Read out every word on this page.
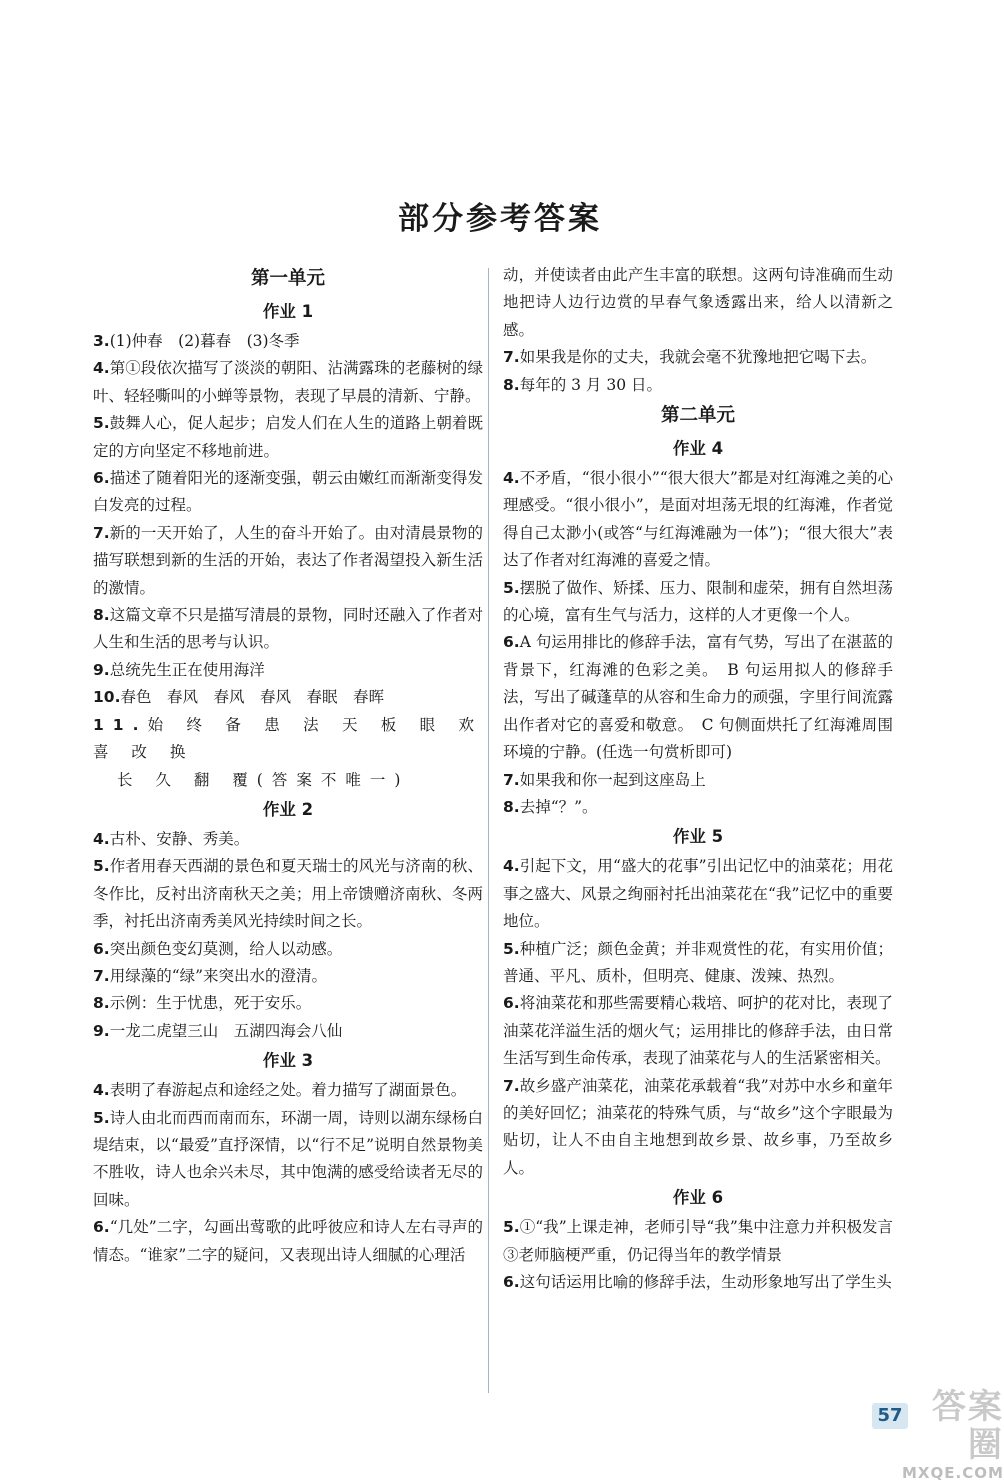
部分参考答案
第一单元
作业 1
3.(1)仲春　(2)暮春　(3)冬季
4.第①段依次描写了淡淡的朝阳、沾满露珠的老藤树的绿叶、轻轻嘶叫的小蝉等景物，表现了早晨的清新、宁静。
5.鼓舞人心，促人起步；启发人们在人生的道路上朝着既定的方向坚定不移地前进。
6.描述了随着阳光的逐渐变强，朝云由嫩红而渐渐变得发白发亮的过程。
7.新的一天开始了，人生的奋斗开始了。由对清晨景物的描写联想到新的生活的开始，表达了作者渴望投入新生活的激情。
8.这篇文章不只是描写清晨的景物，同时还融入了作者对人生和生活的思考与认识。
9.总统先生正在使用海洋
10.春色　春风　春风　春风　春眠　春晖
11.始 终 备 患 法 天 板 眼 欢 喜 改 换
长 久 翻 覆(答案不唯一)
作业 2
4.古朴、安静、秀美。
5.作者用春天西湖的景色和夏天瑞士的风光与济南的秋、冬作比，反衬出济南秋天之美；用上帝馈赠济南秋、冬两季，衬托出济南秀美风光持续时间之长。
6.突出颜色变幻莫测，给人以动感。
7.用绿藻的“绿”来突出水的澄清。
8.示例：生于忧患，死于安乐。
9.一龙二虎望三山　五湖四海会八仙
作业 3
4.表明了春游起点和途经之处。着力描写了湖面景色。
5.诗人由北而西而南而东，环湖一周，诗则以湖东绿杨白堤结束，以“最爱”直抒深情，以“行不足”说明自然景物美不胜收，诗人也余兴未尽，其中饱满的感受给读者无尽的回味。
6.“几处”二字，勾画出莺歌的此呼彼应和诗人左右寻声的情态。“谁家”二字的疑问，又表现出诗人细腻的心理活
动，并使读者由此产生丰富的联想。这两句诗准确而生动地把诗人边行边赏的早春气象透露出来，给人以清新之感。
7.如果我是你的丈夫，我就会毫不犹豫地把它喝下去。
8.每年的 3 月 30 日。
第二单元
作业 4
4.不矛盾，“很小很小”“很大很大”都是对红海滩之美的心理感受。“很小很小”，是面对坦荡无垠的红海滩，作者觉得自己太渺小(或答“与红海滩融为一体”)；“很大很大”表达了作者对红海滩的喜爱之情。
5.摆脱了做作、矫揉、压力、限制和虚荣，拥有自然坦荡的心境，富有生气与活力，这样的人才更像一个人。
6.A 句运用排比的修辞手法，富有气势，写出了在湛蓝的背景下，红海滩的色彩之美。　B 句运用拟人的修辞手法，写出了碱蓬草的从容和生命力的顽强，字里行间流露出作者对它的喜爱和敬意。　C 句侧面烘托了红海滩周围环境的宁静。(任选一句赏析即可)
7.如果我和你一起到这座岛上
8.去掉“？”。
作业 5
4.引起下文，用“盛大的花事”引出记忆中的油菜花；用花事之盛大、风景之绚丽衬托出油菜花在“我”记忆中的重要地位。
5.种植广泛；颜色金黄；并非观赏性的花，有实用价值；普通、平凡、质朴，但明亮、健康、泼辣、热烈。
6.将油菜花和那些需要精心栽培、呵护的花对比，表现了油菜花洋溢生活的烟火气；运用排比的修辞手法，由日常生活写到生命传承，表现了油菜花与人的生活紧密相关。
7.故乡盛产油菜花，油菜花承载着“我”对苏中水乡和童年的美好回忆；油菜花的特殊气质，与“故乡”这个字眼最为贴切，让人不由自主地想到故乡景、故乡事，乃至故乡人。
作业 6
5.①“我”上课走神，老师引导“我”集中注意力并积极发言　③老师脑梗严重，仍记得当年的教学情景
6.这句话运用比喻的修辞手法，生动形象地写出了学生头
57 答案圈
MXQE.COM
